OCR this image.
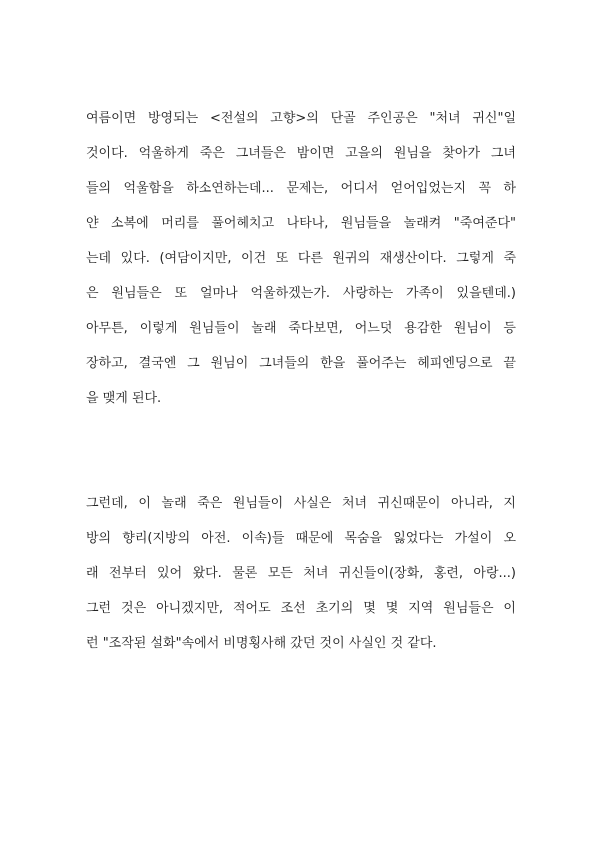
여름이면 방영되는 <전설의 고향>의 단골 주인공은 "처녀 귀신"일
것이다. 억울하게 죽은 그녀들은 밤이면 고을의 원님을 찾아가 그녀
들의 억울함을 하소연하는데... 문제는, 어디서 얻어입었는지 꼭 하
얀 소복에 머리를 풀어헤치고 나타나, 원님들을 놀래켜 "죽여준다"
는데 있다. (여담이지만, 이건 또 다른 원귀의 재생산이다. 그렇게 죽
은 원님들은 또 얼마나 억울하겠는가. 사랑하는 가족이 있을텐데.)
아무튼, 이렇게 원님들이 놀래 죽다보면, 어느덧 용감한 원님이 등
장하고, 결국엔 그 원님이 그녀들의 한을 풀어주는 헤피엔딩으로 끝
을 맺게 된다.
그런데, 이 놀래 죽은 원님들이 사실은 처녀 귀신때문이 아니라, 지
방의 향리(지방의 아전. 이속)들 때문에 목숨을 잃었다는 가설이 오
래 전부터 있어 왔다. 물론 모든 처녀 귀신들이(장화, 홍련, 아랑...)
그런 것은 아니겠지만, 적어도 조선 초기의 몇 몇 지역 원님들은 이
런 "조작된 설화"속에서 비명횡사해 갔던 것이 사실인 것 같다.
